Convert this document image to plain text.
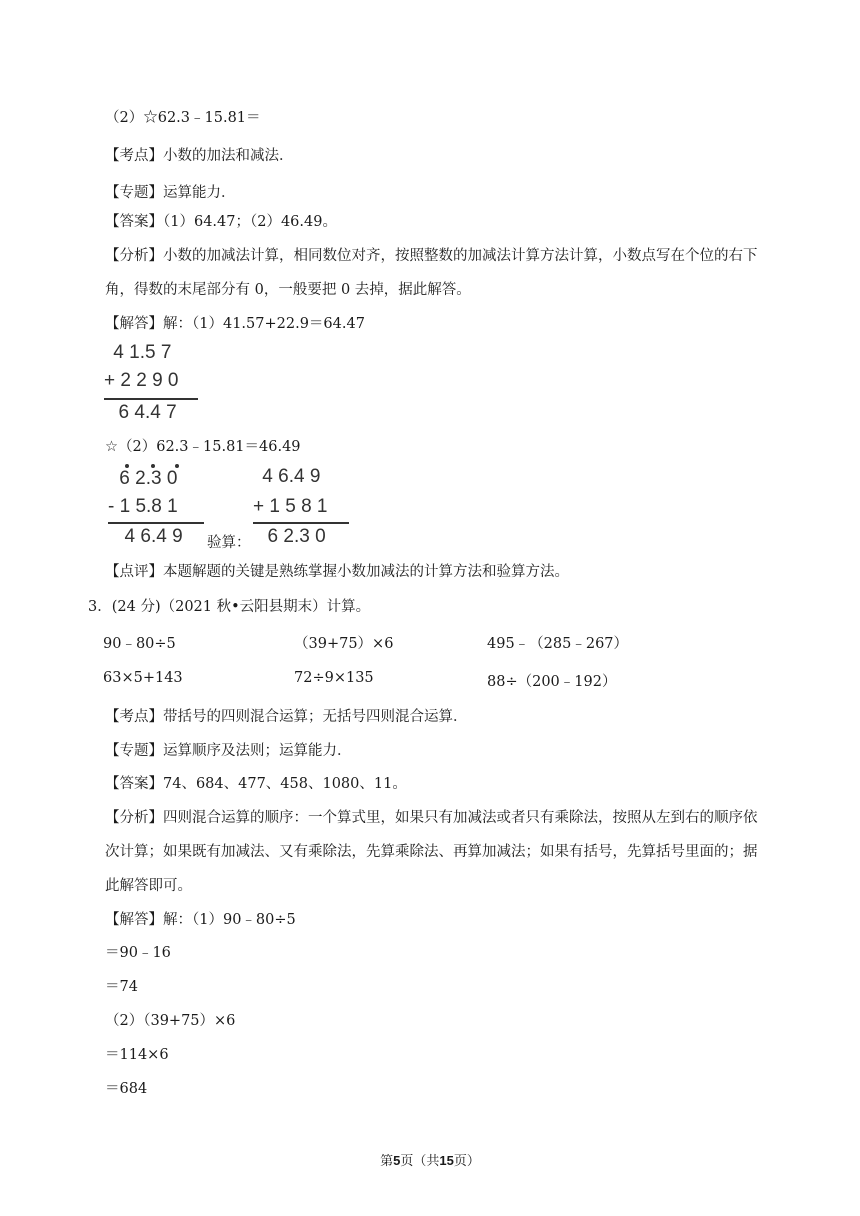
（2）☆62.3﹣15.81＝
【考点】小数的加法和减法．
【专题】运算能力．
【答案】（1）64.47；（2）46.49。
【分析】小数的加减法计算，相同数位对齐，按照整数的加减法计算方法计算，小数点写在个位的右下
角，得数的末尾部分有 0，一般要把 0 去掉，据此解答。
【解答】解：（1）41.57+22.9＝64.47
4 1.5 7
+ 2 2 9 0
6 4.4 7
☆（2）62.3﹣15.81＝46.49
6 2.3 0
- 1 5.8 1
4 6.4 9 验算：
4 6.4 9
+ 1 5 8 1
6 2.3 0
【点评】本题解题的关键是熟练掌握小数加减法的计算方法和验算方法。
3．(24 分)（2021 秋•云阳县期末）计算。
90﹣80÷5	（39+75）×6	495﹣（285﹣267）
63×5+143	72÷9×135	88÷（200﹣192）
【考点】带括号的四则混合运算；无括号四则混合运算．
【专题】运算顺序及法则；运算能力．
【答案】74、684、477、458、1080、11。
【分析】四则混合运算的顺序：一个算式里，如果只有加减法或者只有乘除法，按照从左到右的顺序依
次计算；如果既有加减法、又有乘除法，先算乘除法、再算加减法；如果有括号，先算括号里面的；据
此解答即可。
【解答】解：（1）90﹣80÷5
＝90﹣16
＝74
（2）（39+75）×6
＝114×6
＝684
第5页（共15页）
